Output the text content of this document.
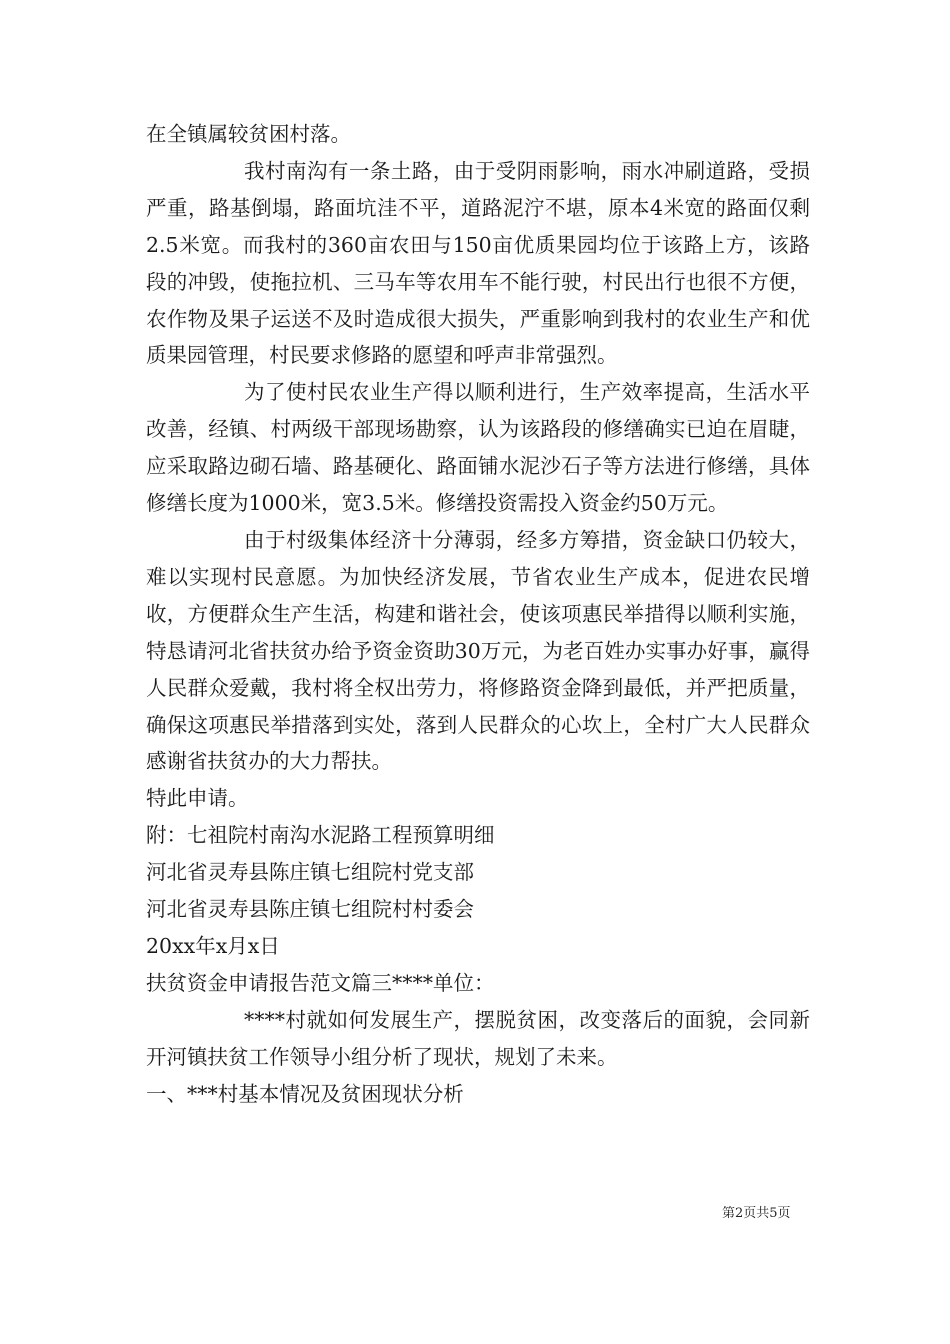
在全镇属较贫困村落。

我村南沟有一条土路，由于受阴雨影响，雨水冲刷道路，受损严重，路基倒塌，路面坑洼不平，道路泥泞不堪，原本4米宽的路面仅剩2.5米宽。而我村的360亩农田与150亩优质果园均位于该路上方，该路段的冲毁，使拖拉机、三马车等农用车不能行驶，村民出行也很不方便，农作物及果子运送不及时造成很大损失，严重影响到我村的农业生产和优质果园管理，村民要求修路的愿望和呼声非常强烈。

为了使村民农业生产得以顺利进行，生产效率提高，生活水平改善，经镇、村两级干部现场勘察，认为该路段的修缮确实已迫在眉睫，应采取路边砌石墙、路基硬化、路面铺水泥沙石子等方法进行修缮，具体修缮长度为1000米，宽3.5米。修缮投资需投入资金约50万元。

由于村级集体经济十分薄弱，经多方筹措，资金缺口仍较大，难以实现村民意愿。为加快经济发展，节省农业生产成本，促进农民增收，方便群众生产生活，构建和谐社会，使该项惠民举措得以顺利实施，特恳请河北省扶贫办给予资金资助30万元，为老百姓办实事办好事，赢得人民群众爱戴，我村将全权出劳力，将修路资金降到最低，并严把质量，确保这项惠民举措落到实处，落到人民群众的心坎上，全村广大人民群众感谢省扶贫办的大力帮扶。

特此申请。

附：七祖院村南沟水泥路工程预算明细

河北省灵寿县陈庄镇七组院村党支部

河北省灵寿县陈庄镇七组院村村委会

20xx年x月x日

扶贫资金申请报告范文篇三****单位：

****村就如何发展生产，摆脱贫困，改变落后的面貌，会同新开河镇扶贫工作领导小组分析了现状，规划了未来。

一、***村基本情况及贫困现状分析

第2页共5页
